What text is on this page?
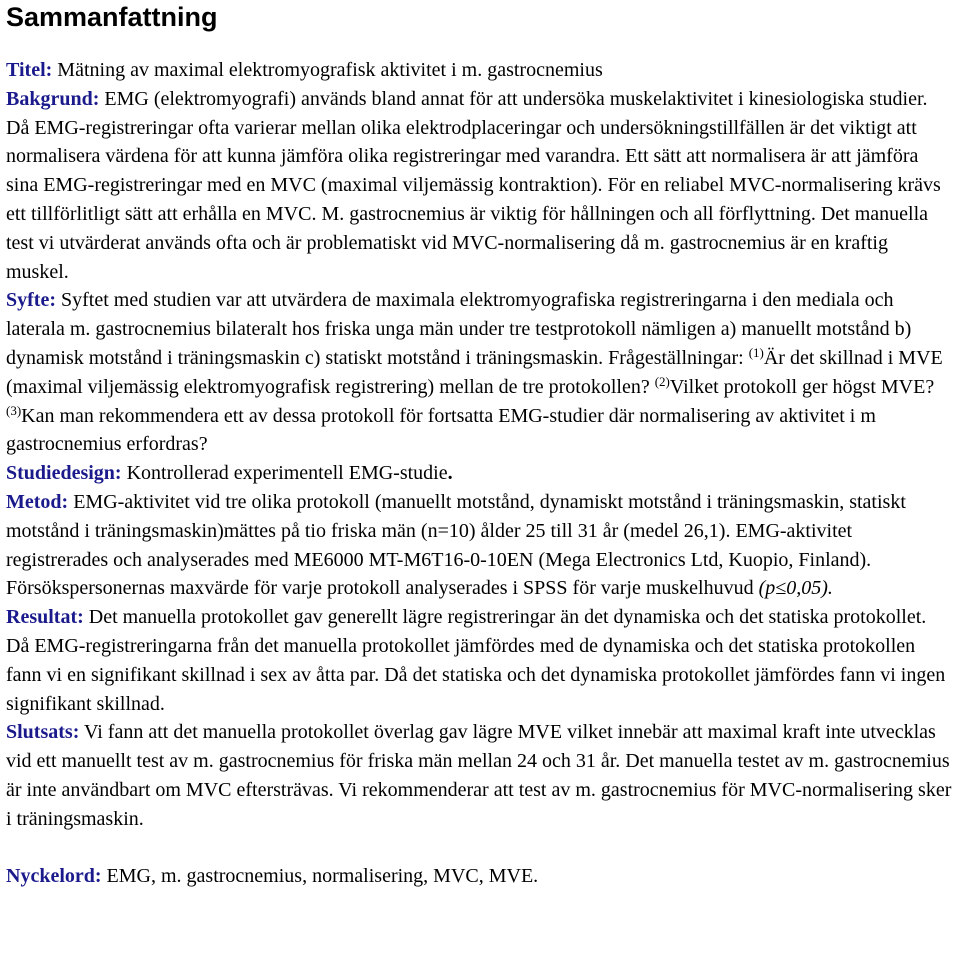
Sammanfattning

Titel: Mätning av maximal elektromyografisk aktivitet i m. gastrocnemius

Bakgrund: EMG (elektromyografi) används bland annat för att undersöka muskelaktivitet i kinesiologiska studier. Då EMG-registreringar ofta varierar mellan olika elektrodplaceringar och undersökningstillfällen är det viktigt att normalisera värdena för att kunna jämföra olika registreringar med varandra. Ett sätt att normalisera är att jämföra sina EMG-registreringar med en MVC (maximal viljemässig kontraktion). För en reliabel MVC-normalisering krävs ett tillförlitligt sätt att erhålla en MVC. M. gastrocnemius är viktig för hållningen och all förflyttning. Det manuella test vi utvärderat används ofta och är problematiskt vid MVC-normalisering då m. gastrocnemius är en kraftig muskel.

Syfte: Syftet med studien var att utvärdera de maximala elektromyografiska registreringarna i den mediala och laterala m. gastrocnemius bilateralt hos friska unga män under tre testprotokoll nämligen a) manuellt motstånd b) dynamisk motstånd i träningsmaskin c) statiskt motstånd i träningsmaskin. Frågeställningar: $^{(1)}$Är det skillnad i MVE (maximal viljemässig elektromyografisk registrering) mellan de tre protokollen? $^{(2)}$Vilket protokoll ger högst MVE? $^{(3)}$Kan man rekommendera ett av dessa protokoll för fortsatta EMG-studier där normalisering av aktivitet i m gastrocnemius erfordras?

Studiedesign: Kontrollerad experimentell EMG-studie.

Metod: EMG-aktivitet vid tre olika protokoll (manuellt motstånd, dynamiskt motstånd i träningsmaskin, statiskt motstånd i träningsmaskin)mättes på tio friska män (n=10) ålder 25 till 31 år (medel 26,1). EMG-aktivitet registrerades och analyserades med ME6000 MT-M6T16-0-10EN (Mega Electronics Ltd, Kuopio, Finland). Försökspersonernas maxvärde för varje protokoll analyserades i SPSS för varje muskelhuvud (p≤0,05).

Resultat: Det manuella protokollet gav generellt lägre registreringar än det dynamiska och det statiska protokollet. Då EMG-registreringarna från det manuella protokollet jämfördes med de dynamiska och det statiska protokollen fann vi en signifikant skillnad i sex av åtta par. Då det statiska och det dynamiska protokollet jämfördes fann vi ingen signifikant skillnad.

Slutsats: Vi fann att det manuella protokollet överlag gav lägre MVE vilket innebär att maximal kraft inte utvecklas vid ett manuellt test av m. gastrocnemius för friska män mellan 24 och 31 år. Det manuella testet av m. gastrocnemius är inte användbart om MVC eftersträvas. Vi rekommenderar att test av m. gastrocnemius för MVC-normalisering sker i träningsmaskin.

Nyckelord: EMG, m. gastrocnemius, normalisering, MVC, MVE.
